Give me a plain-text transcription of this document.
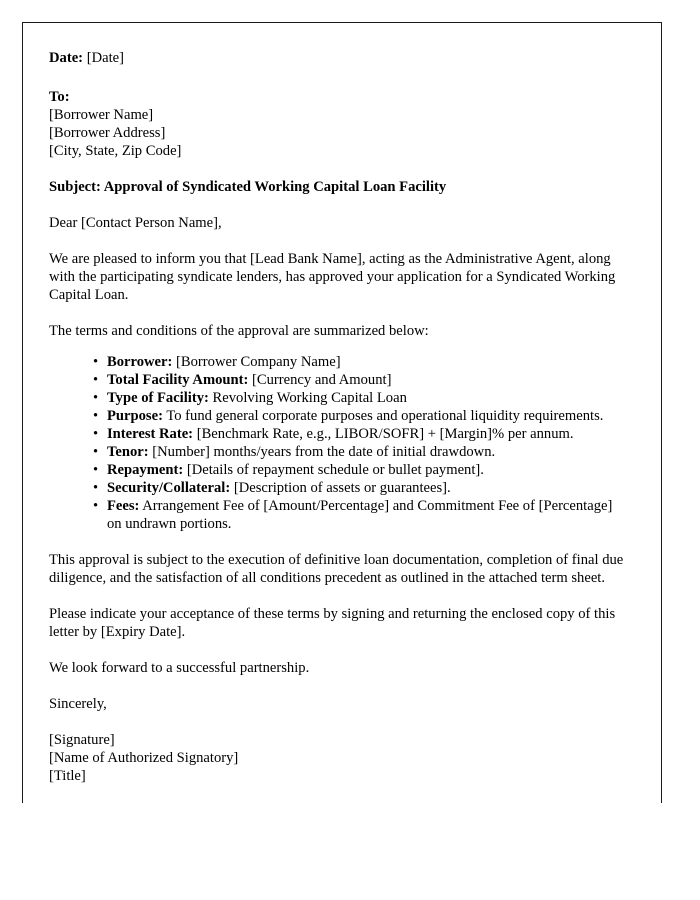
Date: [Date]
To:
[Borrower Name]
[Borrower Address]
[City, State, Zip Code]
Subject: Approval of Syndicated Working Capital Loan Facility
Dear [Contact Person Name],

We are pleased to inform you that [Lead Bank Name], acting as the Administrative Agent, along with the participating syndicate lenders, has approved your application for a Syndicated Working Capital Loan.

The terms and conditions of the approval are summarized below:

• Borrower: [Borrower Company Name]
• Total Facility Amount: [Currency and Amount]
• Type of Facility: Revolving Working Capital Loan
• Purpose: To fund general corporate purposes and operational liquidity requirements.
• Interest Rate: [Benchmark Rate, e.g., LIBOR/SOFR] + [Margin]% per annum.
• Tenor: [Number] months/years from the date of initial drawdown.
• Repayment: [Details of repayment schedule or bullet payment].
• Security/Collateral: [Description of assets or guarantees].
• Fees: Arrangement Fee of [Amount/Percentage] and Commitment Fee of [Percentage] on undrawn portions.

This approval is subject to the execution of definitive loan documentation, completion of final due diligence, and the satisfaction of all conditions precedent as outlined in the attached term sheet.

Please indicate your acceptance of these terms by signing and returning the enclosed copy of this letter by [Expiry Date].

We look forward to a successful partnership.

Sincerely,
[Signature]
[Name of Authorized Signatory]
[Title]
